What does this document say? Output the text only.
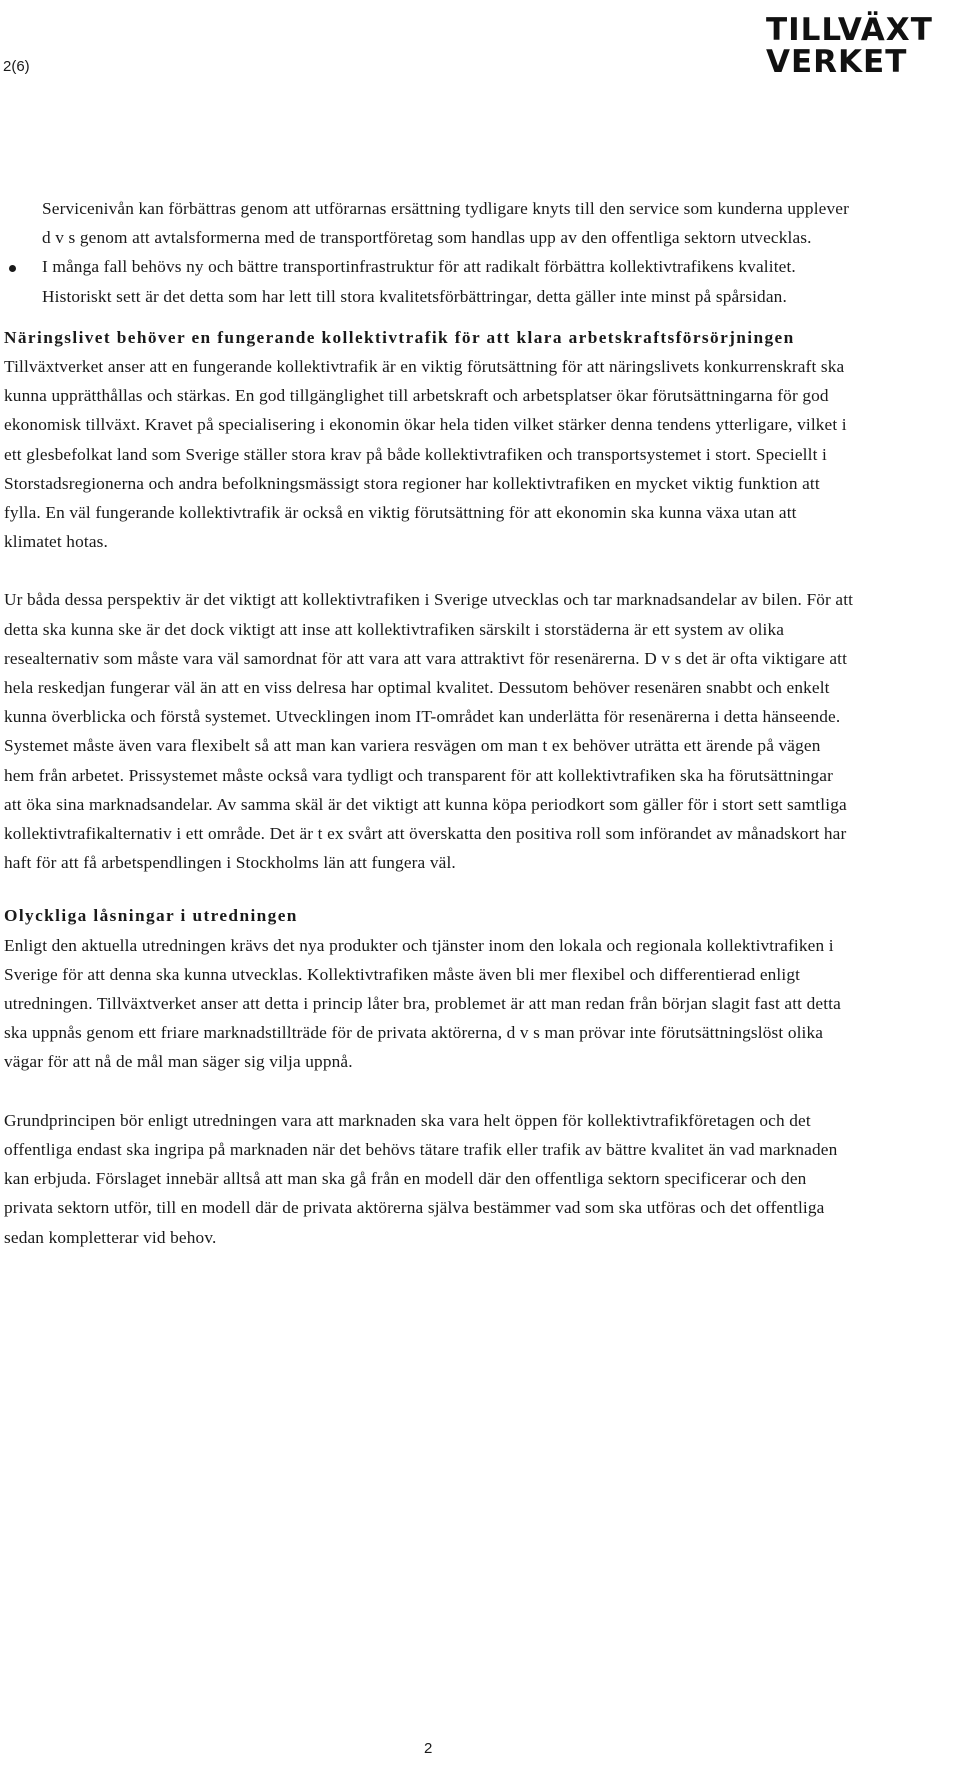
2(6)
TILLVÄXT
VERKET

Servicenivån kan förbättras genom att utförarnas ersättning tydligare knyts till den service som kunderna upplever d v s genom att avtalsformerna med de transportföretag som handlas upp av den offentliga sektorn utvecklas.

I många fall behövs ny och bättre transportinfrastruktur för att radikalt förbättra kollektivtrafikens kvalitet. Historiskt sett är det detta som har lett till stora kvalitetsförbättringar, detta gäller inte minst på spårsidan.
Näringslivet behöver en fungerande kollektivtrafik för att klara arbetskraftsförsörjningen

Tillväxtverket anser att en fungerande kollektivtrafik är en viktig förutsättning för att näringslivets konkurrenskraft ska kunna upprätthållas och stärkas. En god tillgänglighet till arbetskraft och arbetsplatser ökar förutsättningarna för god ekonomisk tillväxt. Kravet på specialisering i ekonomin ökar hela tiden vilket stärker denna tendens ytterligare, vilket i ett glesbefolkat land som Sverige ställer stora krav på både kollektivtrafiken och transportsystemet i stort. Speciellt i Storstadsregionerna och andra befolkningsmässigt stora regioner har kollektivtrafiken en mycket viktig funktion att fylla. En väl fungerande kollektivtrafik är också en viktig förutsättning för att ekonomin ska kunna växa utan att klimatet hotas.

Ur båda dessa perspektiv är det viktigt att kollektivtrafiken i Sverige utvecklas och tar marknadsandelar av bilen. För att detta ska kunna ske är det dock viktigt att inse att kollektivtrafiken särskilt i storstäderna är ett system av olika resealternativ som måste vara väl samordnat för att vara att vara attraktivt för resenärerna. D v s det är ofta viktigare att hela reskedjan fungerar väl än att en viss delresa har optimal kvalitet. Dessutom behöver resenären snabbt och enkelt kunna överblicka och förstå systemet. Utvecklingen inom IT-området kan underlätta för resenärerna i detta hänseende. Systemet måste även vara flexibelt så att man kan variera resvägen om man t ex behöver uträtta ett ärende på vägen hem från arbetet. Prissystemet måste också vara tydligt och transparent för att kollektivtrafiken ska ha förutsättningar att öka sina marknadsandelar. Av samma skäl är det viktigt att kunna köpa periodkort som gäller för i stort sett samtliga kollektivtrafikalternativ i ett område. Det är t ex svårt att överskatta den positiva roll som införandet av månadskort har haft för att få arbetspendlingen i Stockholms län att fungera väl.

Olyckliga låsningar i utredningen

Enligt den aktuella utredningen krävs det nya produkter och tjänster inom den lokala och regionala kollektivtrafiken i Sverige för att denna ska kunna utvecklas. Kollektivtrafiken måste även bli mer flexibel och differentierad enligt utredningen. Tillväxtverket anser att detta i princip låter bra, problemet är att man redan från början slagit fast att detta ska uppnås genom ett friare marknadstillträde för de privata aktörerna, d v s man prövar inte förutsättningslöst olika vägar för att nå de mål man säger sig vilja uppnå.

Grundprincipen bör enligt utredningen vara att marknaden ska vara helt öppen för kollektivtrafikföretagen och det offentliga endast ska ingripa på marknaden när det behövs tätare trafik eller trafik av bättre kvalitet än vad marknaden kan erbjuda. Förslaget innebär alltså att man ska gå från en modell där den offentliga sektorn specificerar och den privata sektorn utför, till en modell där de privata aktörerna själva bestämmer vad som ska utföras och det offentliga sedan kompletterar vid behov.

2
